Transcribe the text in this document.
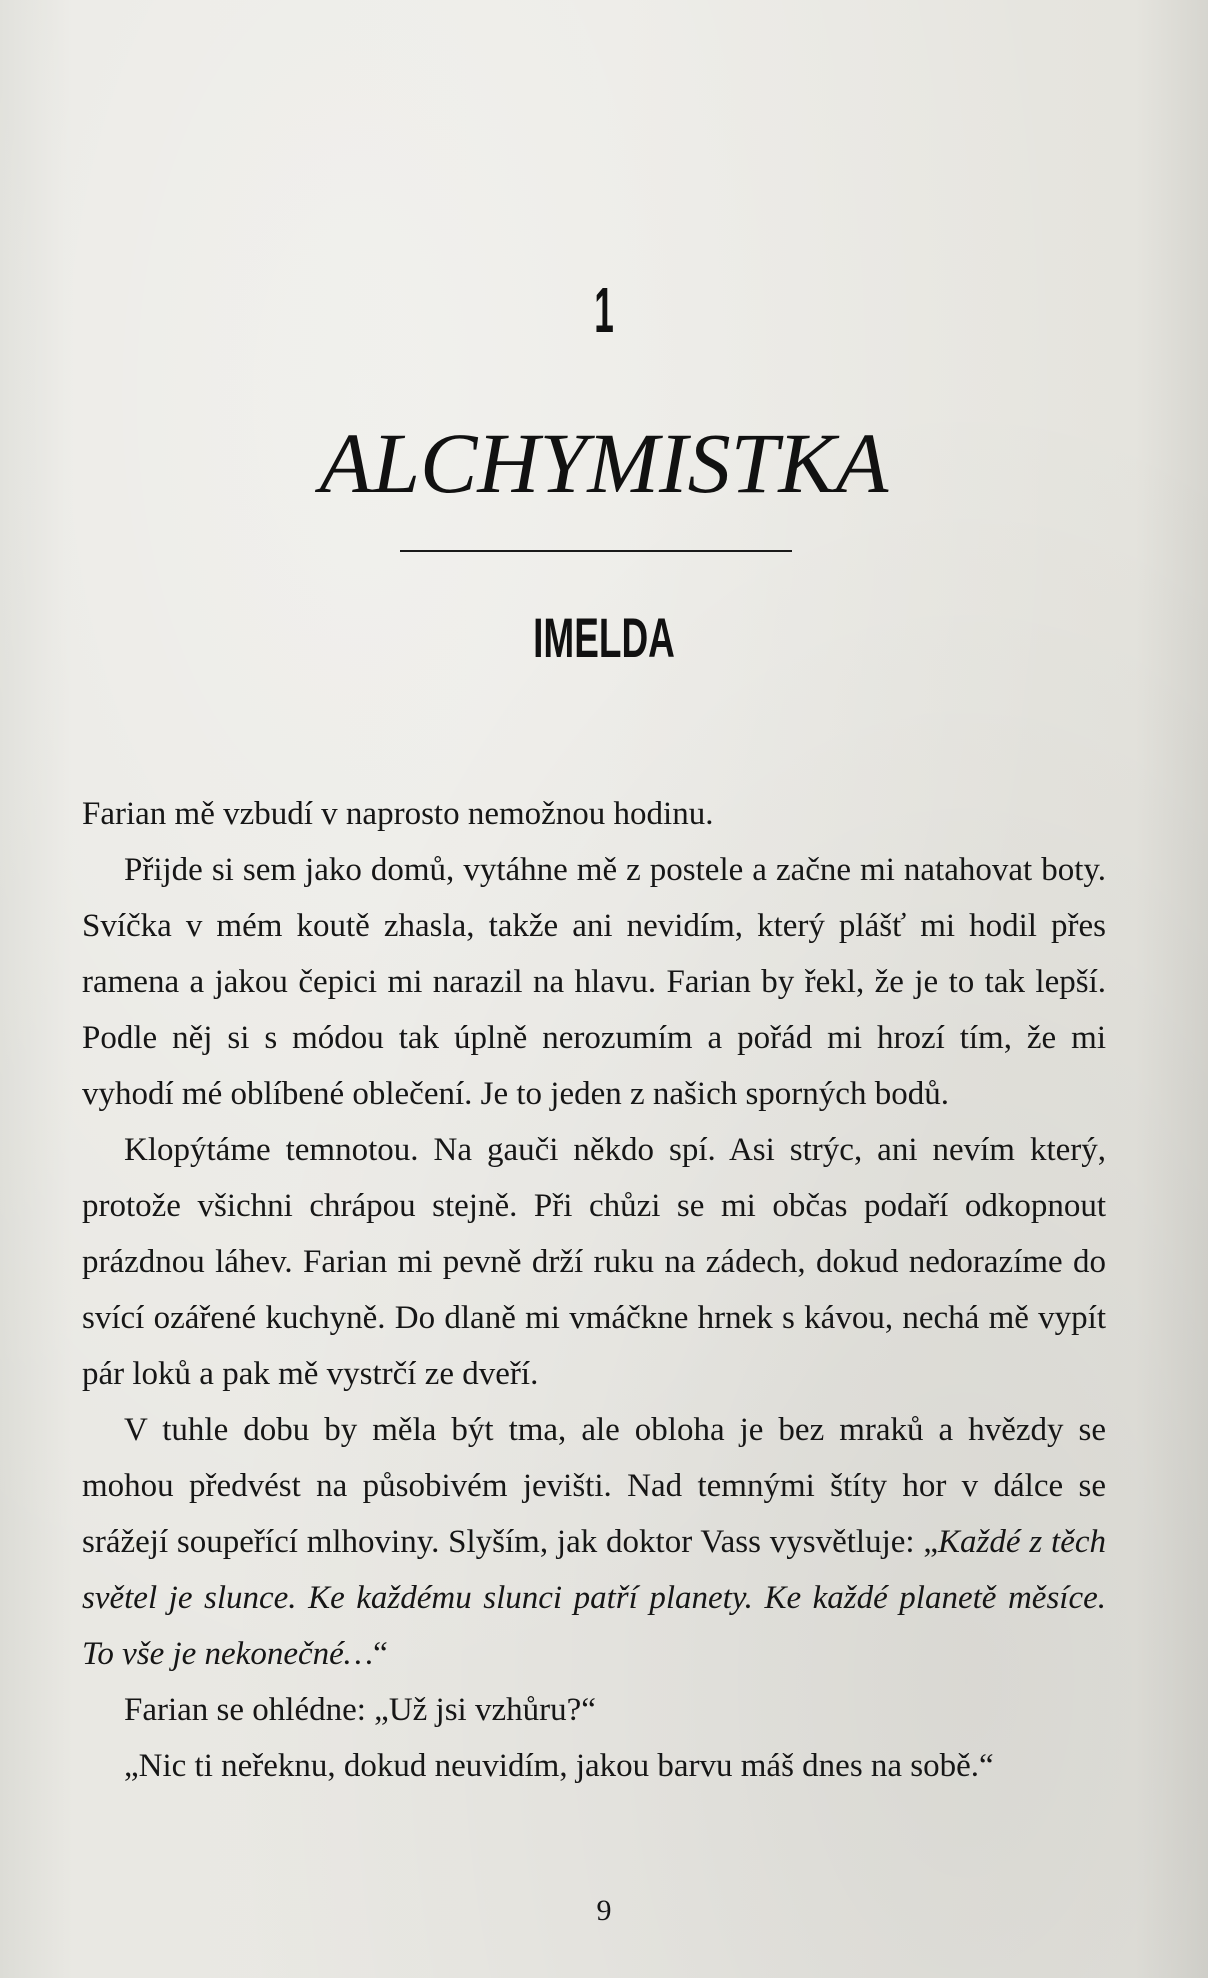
1
ALCHYMISTKA
IMELDA

Farian mě vzbudí v naprosto nemožnou hodinu.

Přijde si sem jako domů, vytáhne mě z postele a začne mi natahovat boty. Svíčka v mém koutě zhasla, takže ani nevidím, který plášť mi hodil přes ramena a jakou čepici mi narazil na hlavu. Farian by řekl, že je to tak lepší. Podle něj si s módou tak úplně nerozumím a pořád mi hrozí tím, že mi vyhodí mé oblíbené oblečení. Je to jeden z našich sporných bodů.

Klopýtáme temnotou. Na gauči někdo spí. Asi strýc, ani nevím který, protože všichni chrápou stejně. Při chůzi se mi občas podaří odkopnout prázdnou láhev. Farian mi pevně drží ruku na zádech, dokud nedorazíme do svící ozářené kuchyně. Do dlaně mi vmáčkne hrnek s kávou, nechá mě vypít pár loků a pak mě vystrčí ze dveří.

V tuhle dobu by měla být tma, ale obloha je bez mraků a hvězdy se mohou předvést na působivém jevišti. Nad temnými štíty hor v dálce se srážejí soupeřící mlhoviny. Slyším, jak doktor Vass vysvětluje: „Každé z těch světel je slunce. Ke každému slunci patří planety. Ke každé planetě měsíce. To vše je nekonečné…“

Farian se ohlédne: „Už jsi vzhůru?“

„Nic ti neřeknu, dokud neuvidím, jakou barvu máš dnes na sobě.“

9
